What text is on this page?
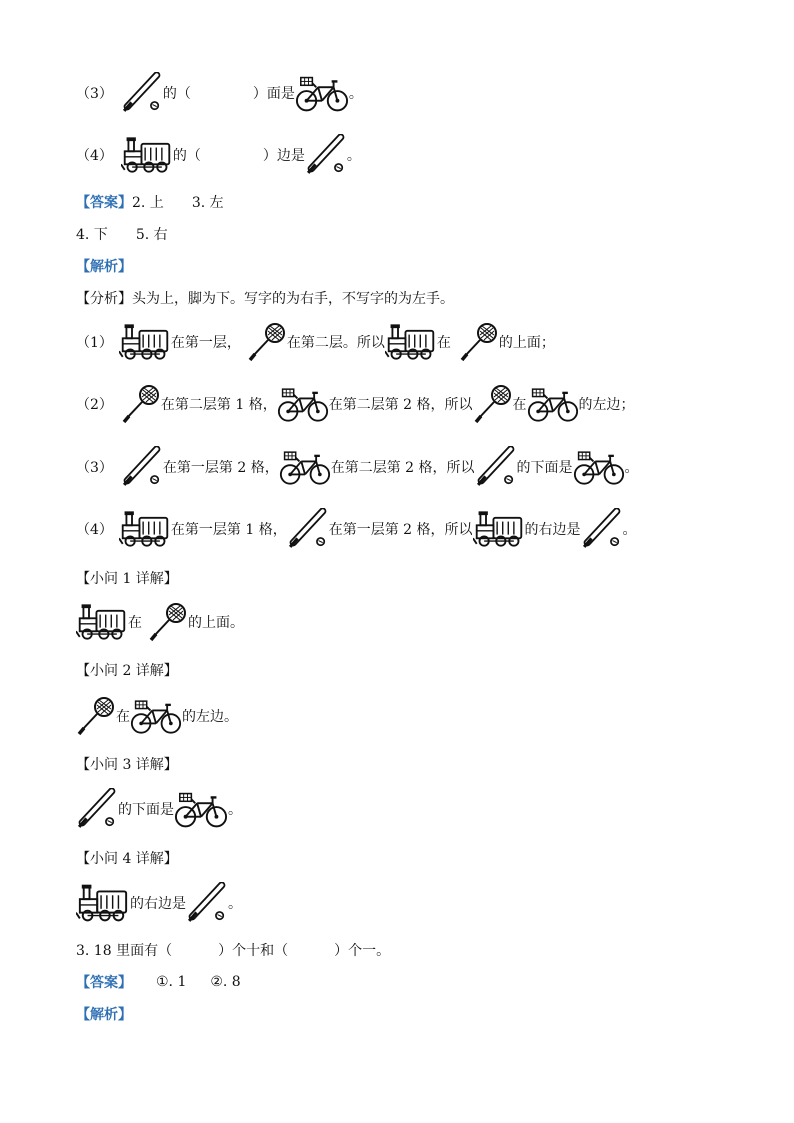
（3）	的（	）面是	。
（4）	的（	）边是	。
【答案】 2. 上 3. 左
4. 下 5. 右
【解析】
【分析】 头为上，脚为下。写字的为右手，不写字的为左手。
（1）	在第一层，	在第二层。所以	在	的上面；
（2）	在第二层第 1 格，	在第二层第 2 格，所以	在	的左边；
（3）	在第一层第 2 格，	在第二层第 2 格，所以	的下面是	。
（4）	在第一层第 1 格，	在第一层第 2 格，所以	的右边是	。
【小问 1 详解】
在	的上面。
【小问 2 详解】
在	的左边。
【小问 3 详解】
的下面是	。
【小问 4 详解】
的右边是	。
3. 18 里面有（	）个十和（	）个一。
【答案】 ①. 1 ②. 8
【解析】
